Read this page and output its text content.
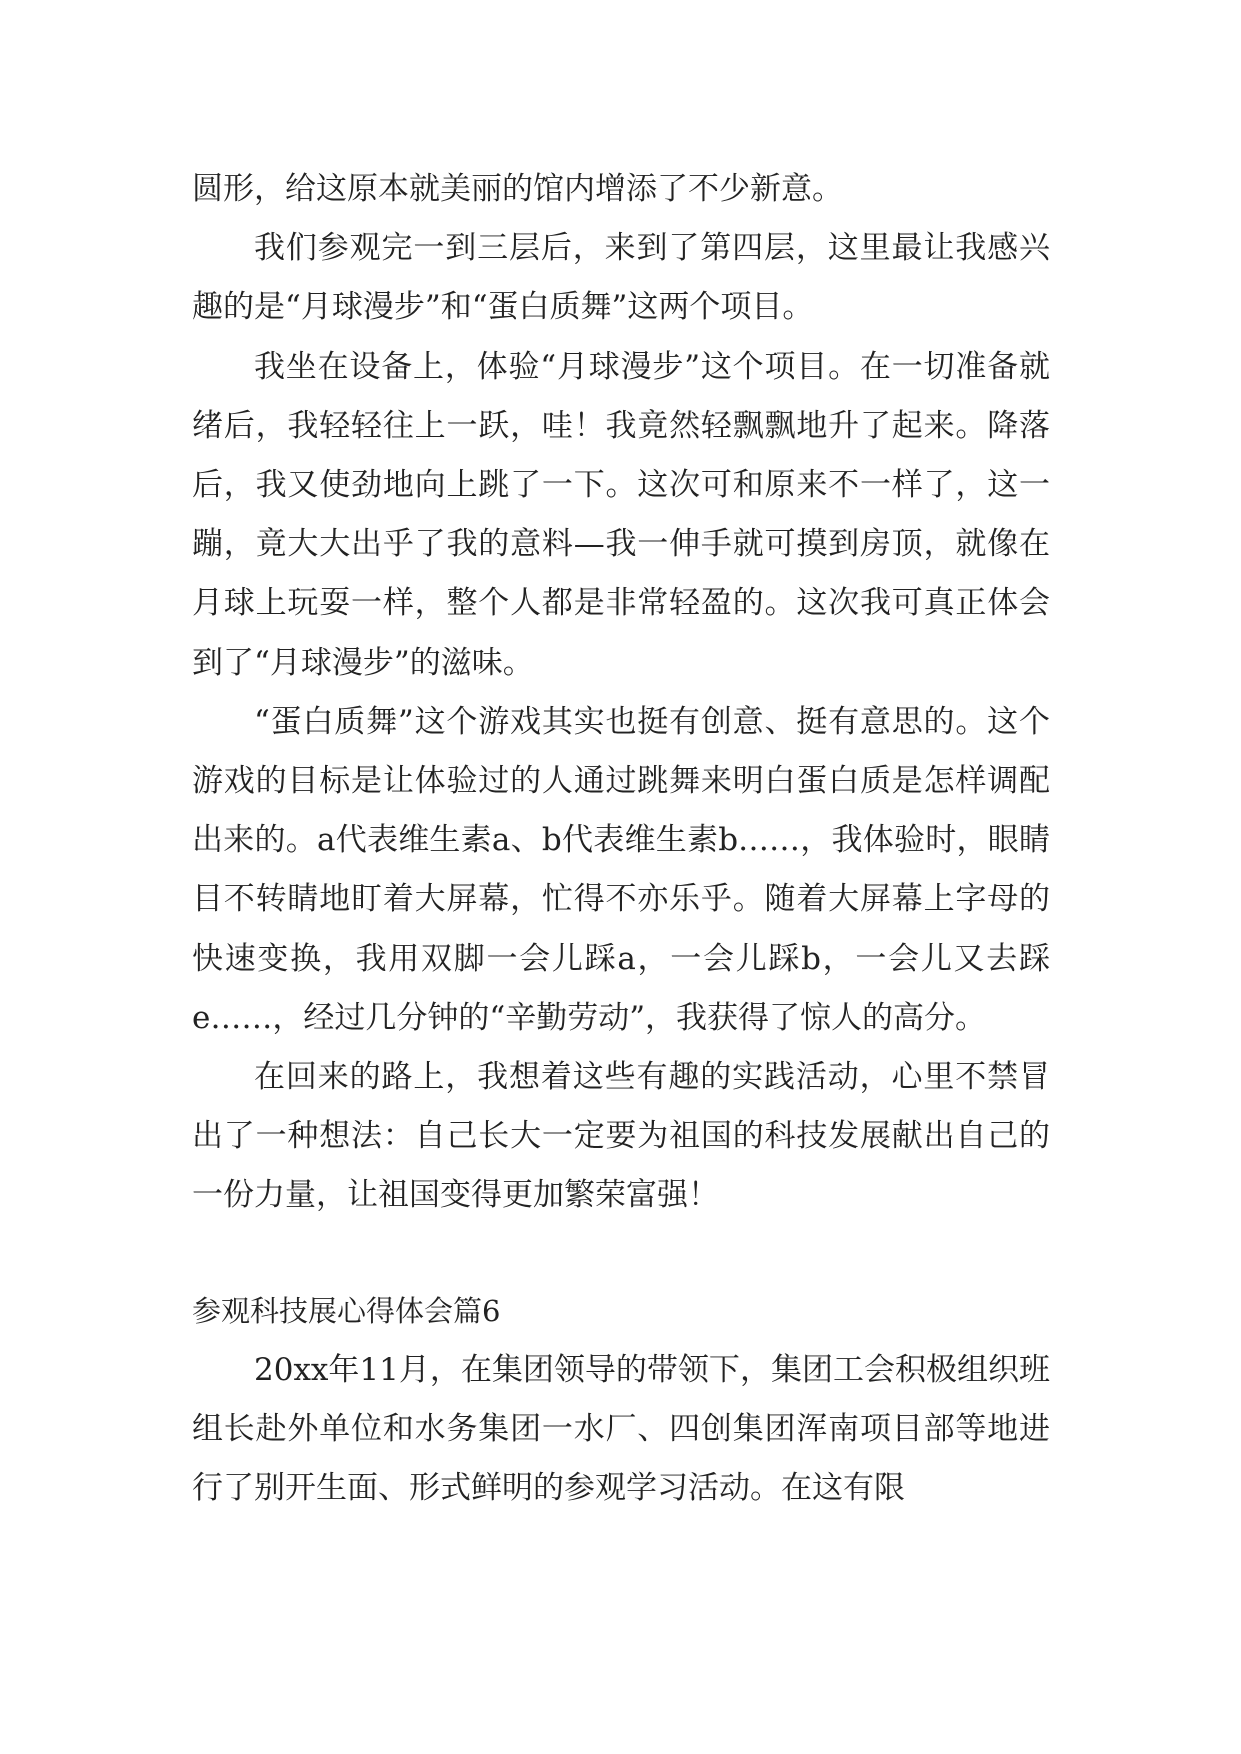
圆形，给这原本就美丽的馆内增添了不少新意。

我们参观完一到三层后，来到了第四层，这里最让我感兴趣的是“月球漫步”和“蛋白质舞”这两个项目。

我坐在设备上，体验“月球漫步”这个项目。在一切准备就绪后，我轻轻往上一跃，哇！我竟然轻飘飘地升了起来。降落后，我又使劲地向上跳了一下。这次可和原来不一样了，这一蹦，竟大大出乎了我的意料—我一伸手就可摸到房顶，就像在月球上玩耍一样，整个人都是非常轻盈的。这次我可真正体会到了“月球漫步”的滋味。

“蛋白质舞”这个游戏其实也挺有创意、挺有意思的。这个游戏的目标是让体验过的人通过跳舞来明白蛋白质是怎样调配出来的。a代表维生素a、b代表维生素b……，我体验时，眼睛目不转睛地盯着大屏幕，忙得不亦乐乎。随着大屏幕上字母的快速变换，我用双脚一会儿踩a，一会儿踩b，一会儿又去踩e……，经过几分钟的“辛勤劳动”，我获得了惊人的高分。

在回来的路上，我想着这些有趣的实践活动，心里不禁冒出了一种想法：自己长大一定要为祖国的科技发展献出自己的一份力量，让祖国变得更加繁荣富强！

参观科技展心得体会篇6

20xx年11月，在集团领导的带领下，集团工会积极组织班组长赴外单位和水务集团一水厂、四创集团浑南项目部等地进行了别开生面、形式鲜明的参观学习活动。在这有限
